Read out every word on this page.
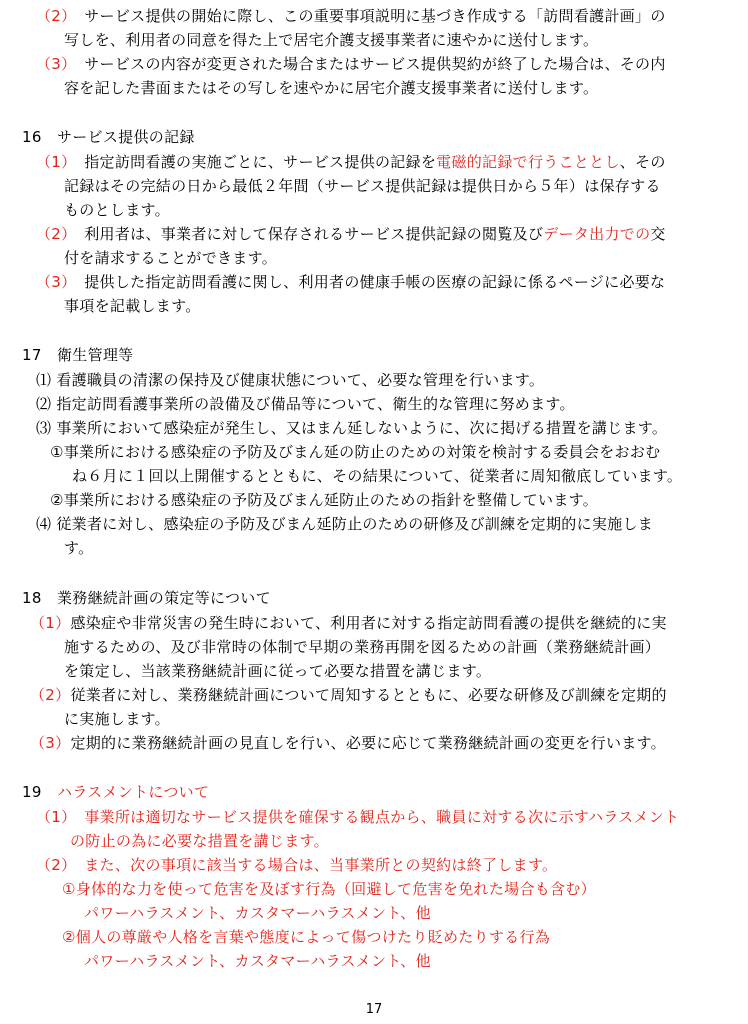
（2）　サービス提供の開始に際し、この重要事項説明に基づき作成する「訪問看護計画」の
写しを、利用者の同意を得た上で居宅介護支援事業者に速やかに送付します。
（3）　サービスの内容が変更された場合またはサービス提供契約が終了した場合は、その内
容を記した書面またはその写しを速やかに居宅介護支援事業者に送付します。
16　サービス提供の記録
（1）　指定訪問看護の実施ごとに、サービス提供の記録を電磁的記録で行うこととし、その
記録はその完結の日から最低２年間（サービス提供記録は提供日から５年）は保存する
ものとします。
（2）　利用者は、事業者に対して保存されるサービス提供記録の閲覧及びデータ出力での交
付を請求することができます。
（3）　提供した指定訪問看護に関し、利用者の健康手帳の医療の記録に係るページに必要な
事項を記載します。
17　衛生管理等
⑴ 看護職員の清潔の保持及び健康状態について、必要な管理を行います。
⑵ 指定訪問看護事業所の設備及び備品等について、衛生的な管理に努めます。
⑶ 事業所において感染症が発生し、又はまん延しないように、次に掲げる措置を講じます。
①事業所における感染症の予防及びまん延の防止のための対策を検討する委員会をおおむ
ね６月に１回以上開催するとともに、その結果について、従業者に周知徹底しています。
②事業所における感染症の予防及びまん延防止のための指針を整備しています。
⑷ 従業者に対し、感染症の予防及びまん延防止のための研修及び訓練を定期的に実施しま
す。
18　業務継続計画の策定等について
（1）感染症や非常災害の発生時において、利用者に対する指定訪問看護の提供を継続的に実
施するための、及び非常時の体制で早期の業務再開を図るための計画（業務継続計画）
を策定し、当該業務継続計画に従って必要な措置を講じます。
（2）従業者に対し、業務継続計画について周知するとともに、必要な研修及び訓練を定期的
に実施します。
（3）定期的に業務継続計画の見直しを行い、必要に応じて業務継続計画の変更を行います。
19　ハラスメントについて
（1）　事業所は適切なサービス提供を確保する観点から、職員に対する次に示すハラスメント
の防止の為に必要な措置を講じます。
（2）　また、次の事項に該当する場合は、当事業所との契約は終了します。
①身体的な力を使って危害を及ぼす行為（回避して危害を免れた場合も含む）
パワーハラスメント、カスタマーハラスメント、他
②個人の尊厳や人格を言葉や態度によって傷つけたり貶めたりする行為
パワーハラスメント、カスタマーハラスメント、他
17
